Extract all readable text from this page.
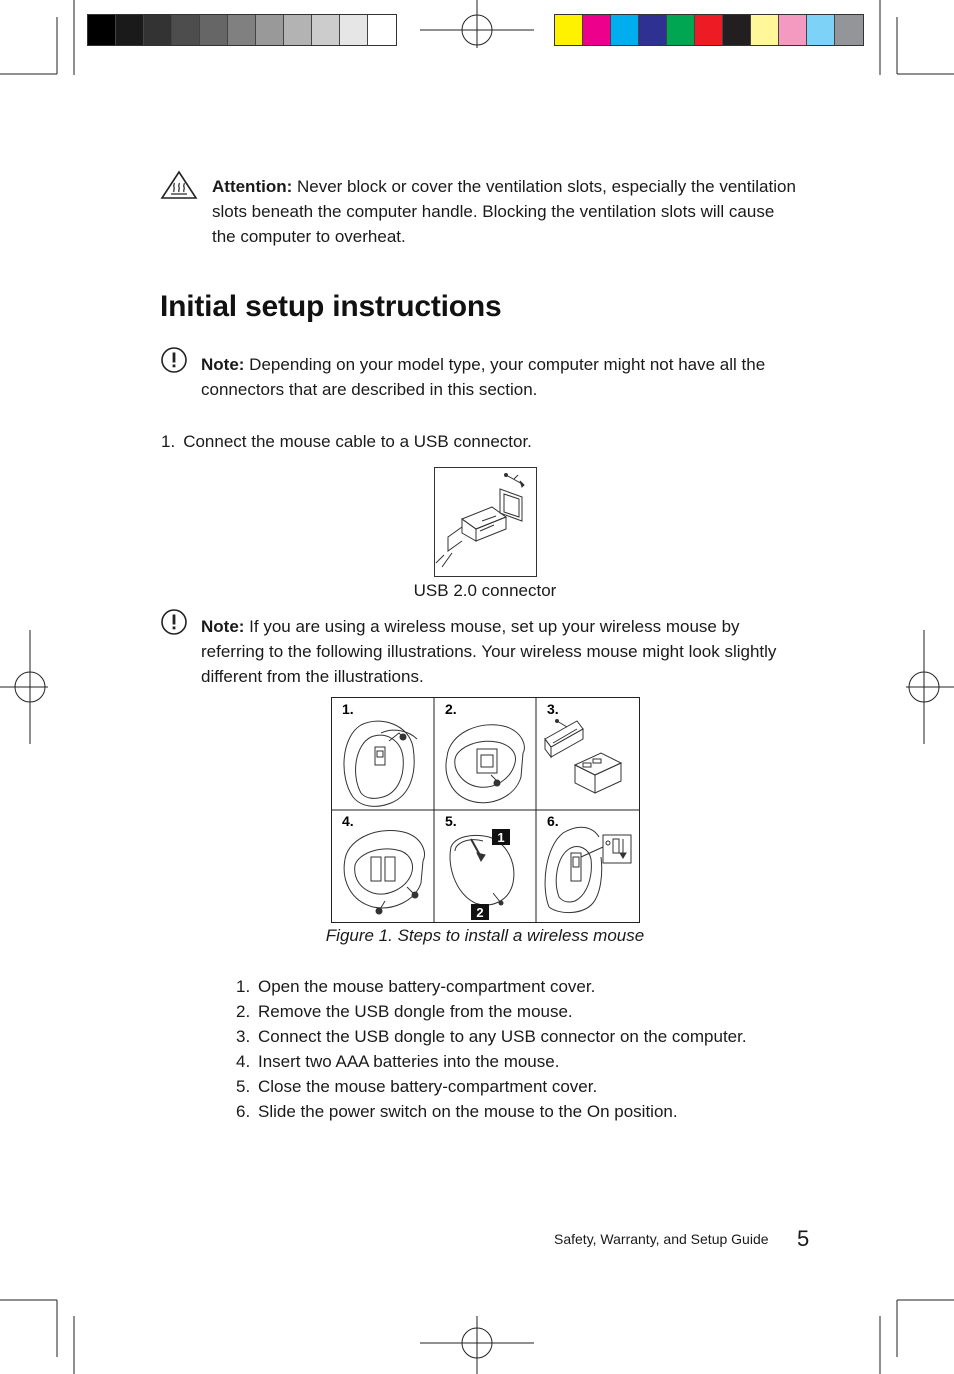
Attention: Never block or cover the ventilation slots, especially the ventilation slots beneath the computer handle. Blocking the ventilation slots will cause the computer to overheat.
Initial setup instructions
Note: Depending on your model type, your computer might not have all the connectors that are described in this section.
1. Connect the mouse cable to a USB connector.
USB 2.0 connector
Note: If you are using a wireless mouse, set up your wireless mouse by referring to the following illustrations. Your wireless mouse might look slightly different from the illustrations.
1.	2.	3.
4.	5.	6.
1
2
Figure 1. Steps to install a wireless mouse
1. Open the mouse battery-compartment cover.
2. Remove the USB dongle from the mouse.
3. Connect the USB dongle to any USB connector on the computer.
4. Insert two AAA batteries into the mouse.
5. Close the mouse battery-compartment cover.
6. Slide the power switch on the mouse to the On position.
Safety, Warranty, and Setup Guide 5
